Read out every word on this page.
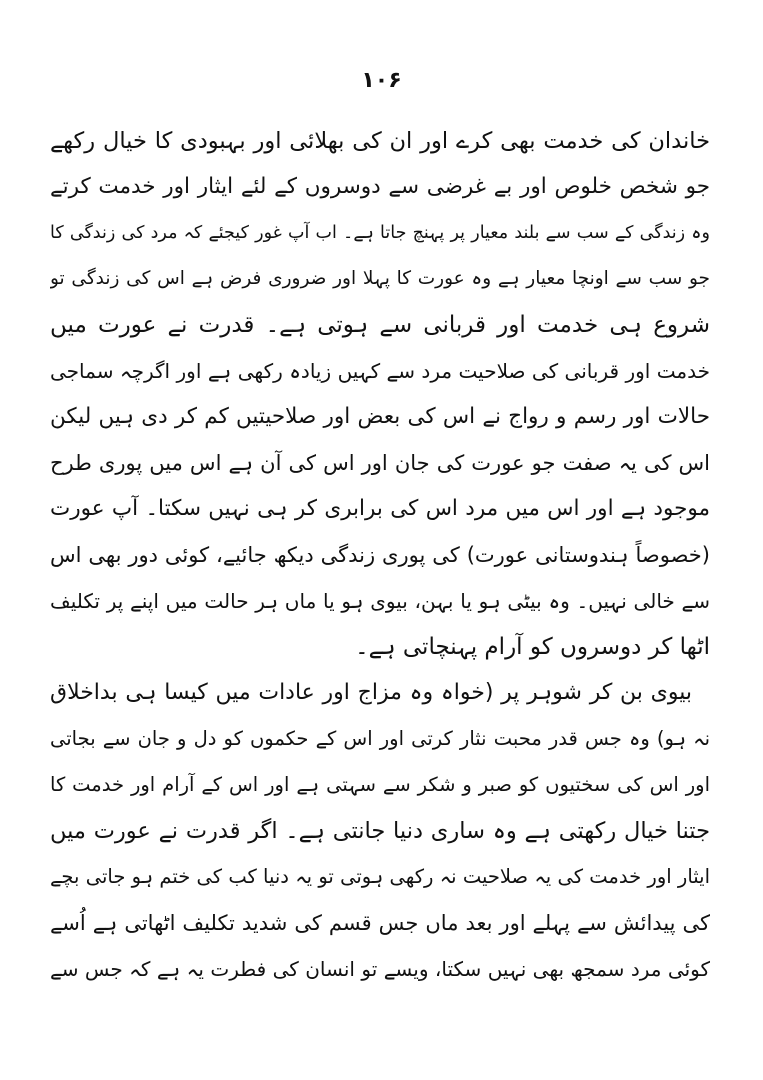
۱۰۶
خاندان کی خدمت بھی کرے اور ان کی بھلائی اور بہبودی کا خیال رکھے
جو شخص خلوص اور بے غرضی سے دوسروں کے لئے ایثار اور خدمت کرتے
وہ زندگی کے سب سے بلند معیار پر پہنچ جاتا ہے۔ اب آپ غور کیجئے کہ مرد کی زندگی کا
جو سب سے اونچا معیار ہے وہ عورت کا پہلا اور ضروری فرض ہے اس کی زندگی تو
شروع ہی خدمت اور قربانی سے ہوتی ہے۔ قدرت نے عورت میں
خدمت اور قربانی کی صلاحیت مرد سے کہیں زیادہ رکھی ہے اور اگرچہ سماجی
حالات اور رسم و رواج نے اس کی بعض اور صلاحیتیں کم کر دی ہیں لیکن
اس کی یہ صفت جو عورت کی جان اور اس کی آن ہے اس میں پوری طرح
موجود ہے اور اس میں مرد اس کی برابری کر ہی نہیں سکتا۔ آپ عورت
(خصوصاً ہندوستانی عورت) کی پوری زندگی دیکھ جائیے، کوئی دور بھی اس
سے خالی نہیں۔ وہ بیٹی ہو یا بہن، بیوی ہو یا ماں ہر حالت میں اپنے پر تکلیف
اٹھا کر دوسروں کو آرام پہنچاتی ہے۔
بیوی بن کر شوہر پر (خواہ وہ مزاج اور عادات میں کیسا ہی بداخلاق
نہ ہو) وہ جس قدر محبت نثار کرتی اور اس کے حکموں کو دل و جان سے بجاتی
اور اس کی سختیوں کو صبر و شکر سے سہتی ہے اور اس کے آرام اور خدمت کا
جتنا خیال رکھتی ہے وہ ساری دنیا جانتی ہے۔ اگر قدرت نے عورت میں
ایثار اور خدمت کی یہ صلاحیت نہ رکھی ہوتی تو یہ دنیا کب کی ختم ہو جاتی بچے
کی پیدائش سے پہلے اور بعد ماں جس قسم کی شدید تکلیف اٹھاتی ہے اُسے
کوئی مرد سمجھ بھی نہیں سکتا، ویسے تو انسان کی فطرت یہ ہے کہ جس سے
